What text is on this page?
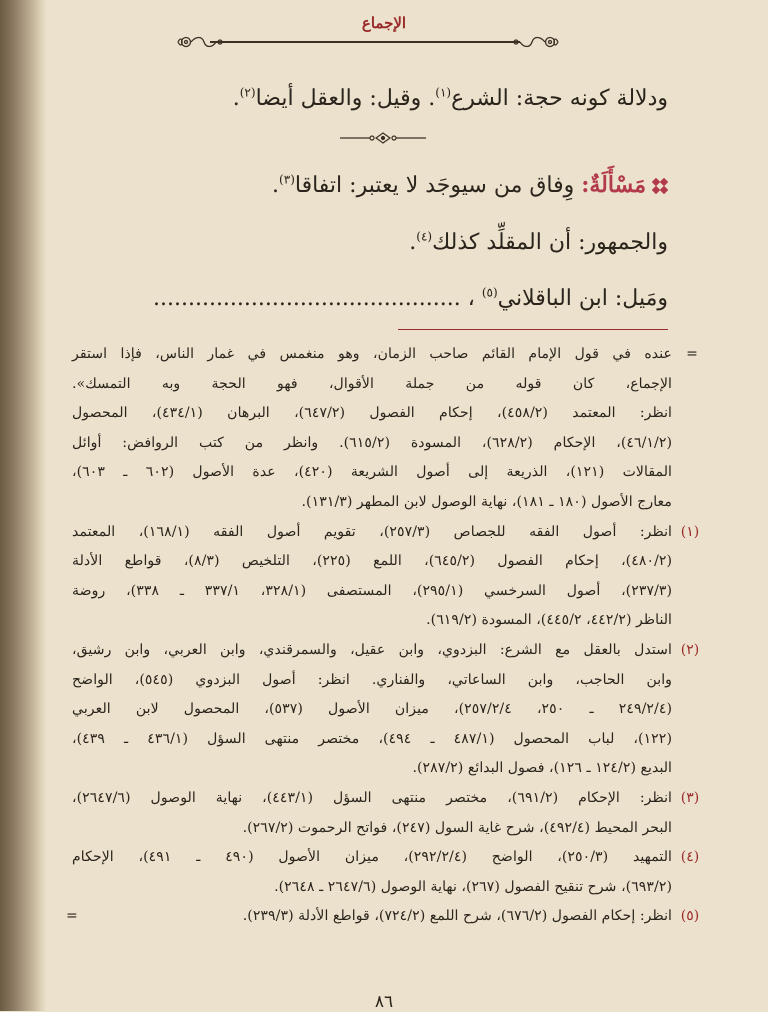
الإجماع
ودلالة كونه حجة: الشرع$^{(١)}$. وقيل: والعقل أيضا$^{(٢)}$.
مَسْأَلَةٌ: وِفاق من سيوجَد لا يعتبر: اتفاقا$^{(٣)}$.
والجمهور: أن المقلِّد كذلك$^{(٤)}$.
ومَيل: ابن الباقلاني$^{(٥)}$ ، ............................................
=
عنده في قول الإمام القائم صاحب الزمان، وهو منغمس في غمار الناس، فإذا استقر
الإجماع، كان قوله من جملة الأقوال، فهو الحجة وبه التمسك».
انظر: المعتمد (٤٥٨/٢)، إحكام الفصول (٦٤٧/٢)، البرهان (٤٣٤/١)، المحصول
(٤٦/١/٢)، الإحكام (٦٢٨/٢)، المسودة (٦١٥/٢). وانظر من كتب الروافض: أوائل
المقالات (١٢١)، الذريعة إلى أصول الشريعة (٤٢٠)، عدة الأصول (٦٠٢ ـ ٦٠٣)،
معارج الأصول (١٨٠ ـ ١٨١)، نهاية الوصول لابن المطهر (١٣١/٣).
(١)
انظر: أصول الفقه للجصاص (٢٥٧/٣)، تقويم أصول الفقه (١٦٨/١)، المعتمد
(٤٨٠/٢)، إحكام الفصول (٦٤٥/٢)، اللمع (٢٢٥)، التلخيص (٨/٣)، قواطع الأدلة
(٢٣٧/٣)، أصول السرخسي (٢٩٥/١)، المستصفى (٣٢٨/١، ٣٣٧/١ ـ ٣٣٨)، روضة
الناظر (٤٤٢/٢، ٤٤٥/٢)، المسودة (٦١٩/٢).
(٢)
استدل بالعقل مع الشرع: البزدوي، وابن عقيل، والسمرقندي، وابن العربي، وابن رشيق،
وابن الحاجب، وابن الساعاتي، والفناري. انظر: أصول البزدوي (٥٤٥)، الواضح
(٢٤٩/٢/٤ ـ ٢٥٠، ٢٥٧/٢/٤)، ميزان الأصول (٥٣٧)، المحصول لابن العربي
(١٢٢)، لباب المحصول (٤٨٧/١ ـ ٤٩٤)، مختصر منتهى السؤل (٤٣٦/١ ـ ٤٣٩)،
البديع (١٢٤/٢ ـ ١٢٦)، فصول البدائع (٢٨٧/٢).
(٣)
انظر: الإحكام (٦٩١/٢)، مختصر منتهى السؤل (٤٤٣/١)، نهاية الوصول (٢٦٤٧/٦)،
البحر المحيط (٤٩٢/٤)، شرح غاية السول (٢٤٧)، فواتح الرحموت (٢٦٧/٢).
(٤)
التمهيد (٢٥٠/٣)، الواضح (٢٩٢/٢/٤)، ميزان الأصول (٤٩٠ ـ ٤٩١)، الإحكام
(٦٩٣/٢)، شرح تنقيح الفصول (٢٦٧)، نهاية الوصول (٢٦٤٧/٦ ـ ٢٦٤٨).
(٥)
انظر: إحكام الفصول (٦٧٦/٢)، شرح اللمع (٧٢٤/٢)، قواطع الأدلة (٢٣٩/٣).
=
٨٦
